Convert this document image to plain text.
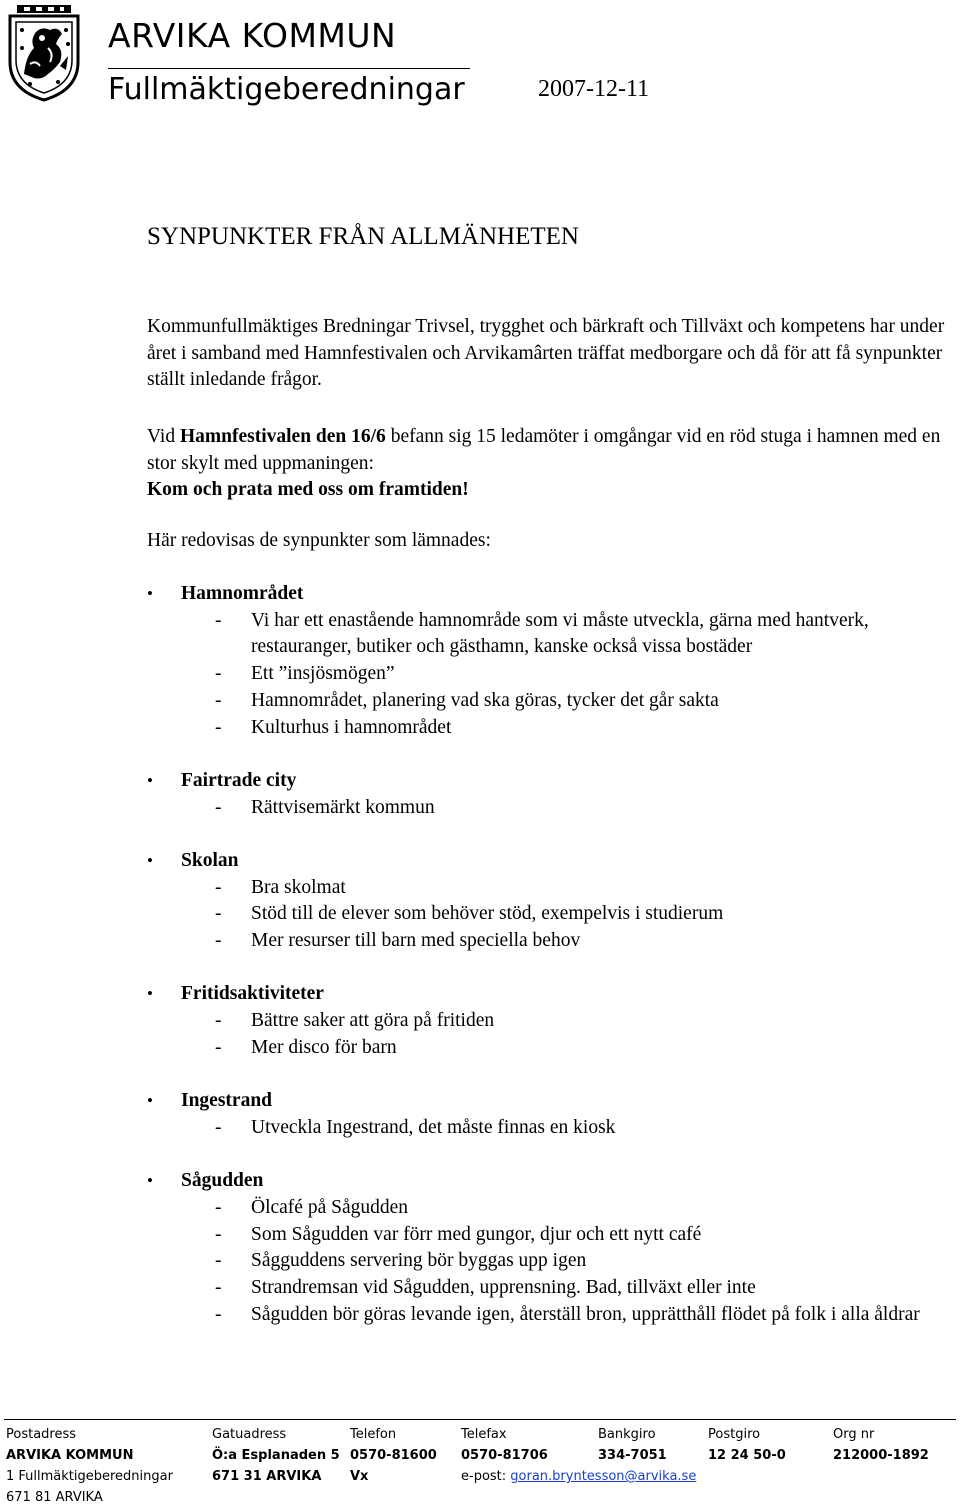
ARVIKA KOMMUN
Fullmäktigeberedningar	2007-12-11
SYNPUNKTER FRÅN ALLMÄNHETEN
Kommunfullmäktiges Bredningar Trivsel, trygghet och bärkraft och Tillväxt och kompetens har under året i samband med Hamnfestivalen och Arvikamârten träffat medborgare och då för att få synpunkter ställt inledande frågor.
Vid Hamnfestivalen den 16/6 befann sig 15 ledamöter i omgångar vid en röd stuga i hamnen med en stor skylt med uppmaningen:
Kom och prata med oss om framtiden!
Här redovisas de synpunkter som lämnades:
• Hamnområdet
- Vi har ett enastående hamnområde som vi måste utveckla, gärna med hantverk, restauranger, butiker och gästhamn, kanske också vissa bostäder
- Ett ”insjösmögen”
- Hamnområdet, planering vad ska göras, tycker det går sakta
- Kulturhus i hamnområdet
• Fairtrade city
- Rättvisemärkt kommun
• Skolan
- Bra skolmat
- Stöd till de elever som behöver stöd, exempelvis i studierum
- Mer resurser till barn med speciella behov
• Fritidsaktiviteter
- Bättre saker att göra på fritiden
- Mer disco för barn
• Ingestrand
- Utveckla Ingestrand, det måste finnas en kiosk
• Sågudden
- Ölcafé på Sågudden
- Som Sågudden var förr med gungor, djur och ett nytt café
- Sågguddens servering bör byggas upp igen
- Strandremsan vid Sågudden, upprensning. Bad, tillväxt eller inte
- Sågudden bör göras levande igen, återställ bron, upprätthåll flödet på folk i alla åldrar
Postadress
ARVIKA KOMMUN
1 Fullmäktigeberedningar
671 81 ARVIKA
Gatuadress
Ö:a Esplanaden 5
671 31 ARVIKA
Telefon
0570-81600
Vx
Telefax
0570-81706
e-post: goran.bryntesson@arvika.se
Bankgiro
334-7051
Postgiro
12 24 50-0
Org nr
212000-1892
